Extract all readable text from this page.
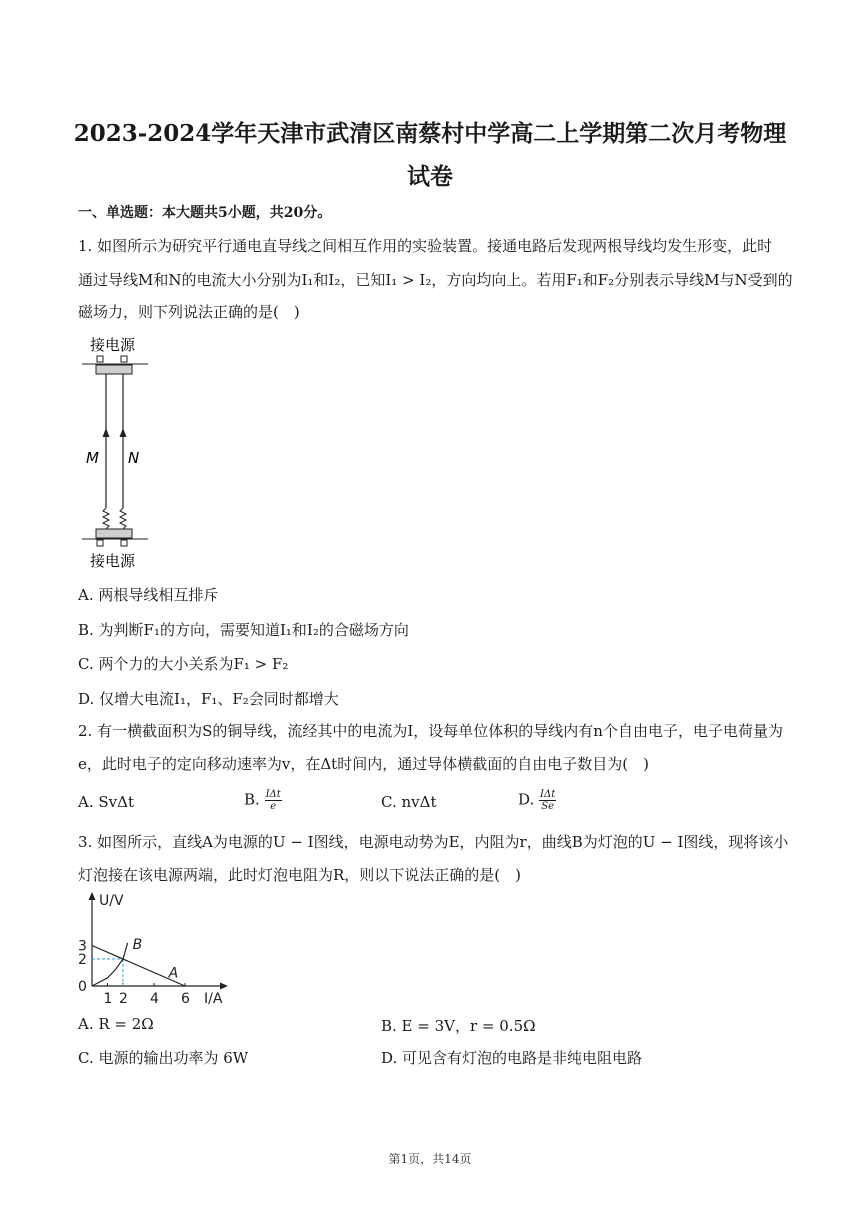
2023-2024学年天津市武清区南蔡村中学高二上学期第二次月考物理
试卷
一、单选题：本大题共5小题，共20分。
1. 如图所示为研究平行通电直导线之间相互作用的实验装置。接通电路后发现两根导线均发生形变，此时
通过导线M和N的电流大小分别为I₁和I₂，已知I₁ > I₂，方向均向上。若用F₁和F₂分别表示导线M与N受到的
磁场力，则下列说法正确的是(　)
接电源
M N
接电源
A. 两根导线相互排斥
B. 为判断F₁的方向，需要知道I₁和I₂的合磁场方向
C. 两个力的大小关系为F₁ > F₂
D. 仅增大电流I₁，F₁、F₂会同时都增大
2. 有一横截面积为S的铜导线，流经其中的电流为I，设每单位体积的导线内有n个自由电子，电子电荷量为
e，此时电子的定向移动速率为v，在Δt时间内，通过导体横截面的自由电子数目为(　)
A. SvΔt	B. $\frac{\text{IΔt}}{e}$	C. nvΔt	D. $\frac{\text{IΔt}}{Se}$
3. 如图所示，直线A为电源的U − I图线，电源电动势为E，内阻为r，曲线B为灯泡的U − I图线，现将该小
灯泡接在该电源两端，此时灯泡电阻为R，则以下说法正确的是(　)
U/V
I/A
1 2 4 6
0
2
3
A
B
A. R = 2Ω	B. E = 3V，r = 0.5Ω
C. 电源的输出功率为 6W	D. 可见含有灯泡的电路是非纯电阻电路
第1页，共14页
